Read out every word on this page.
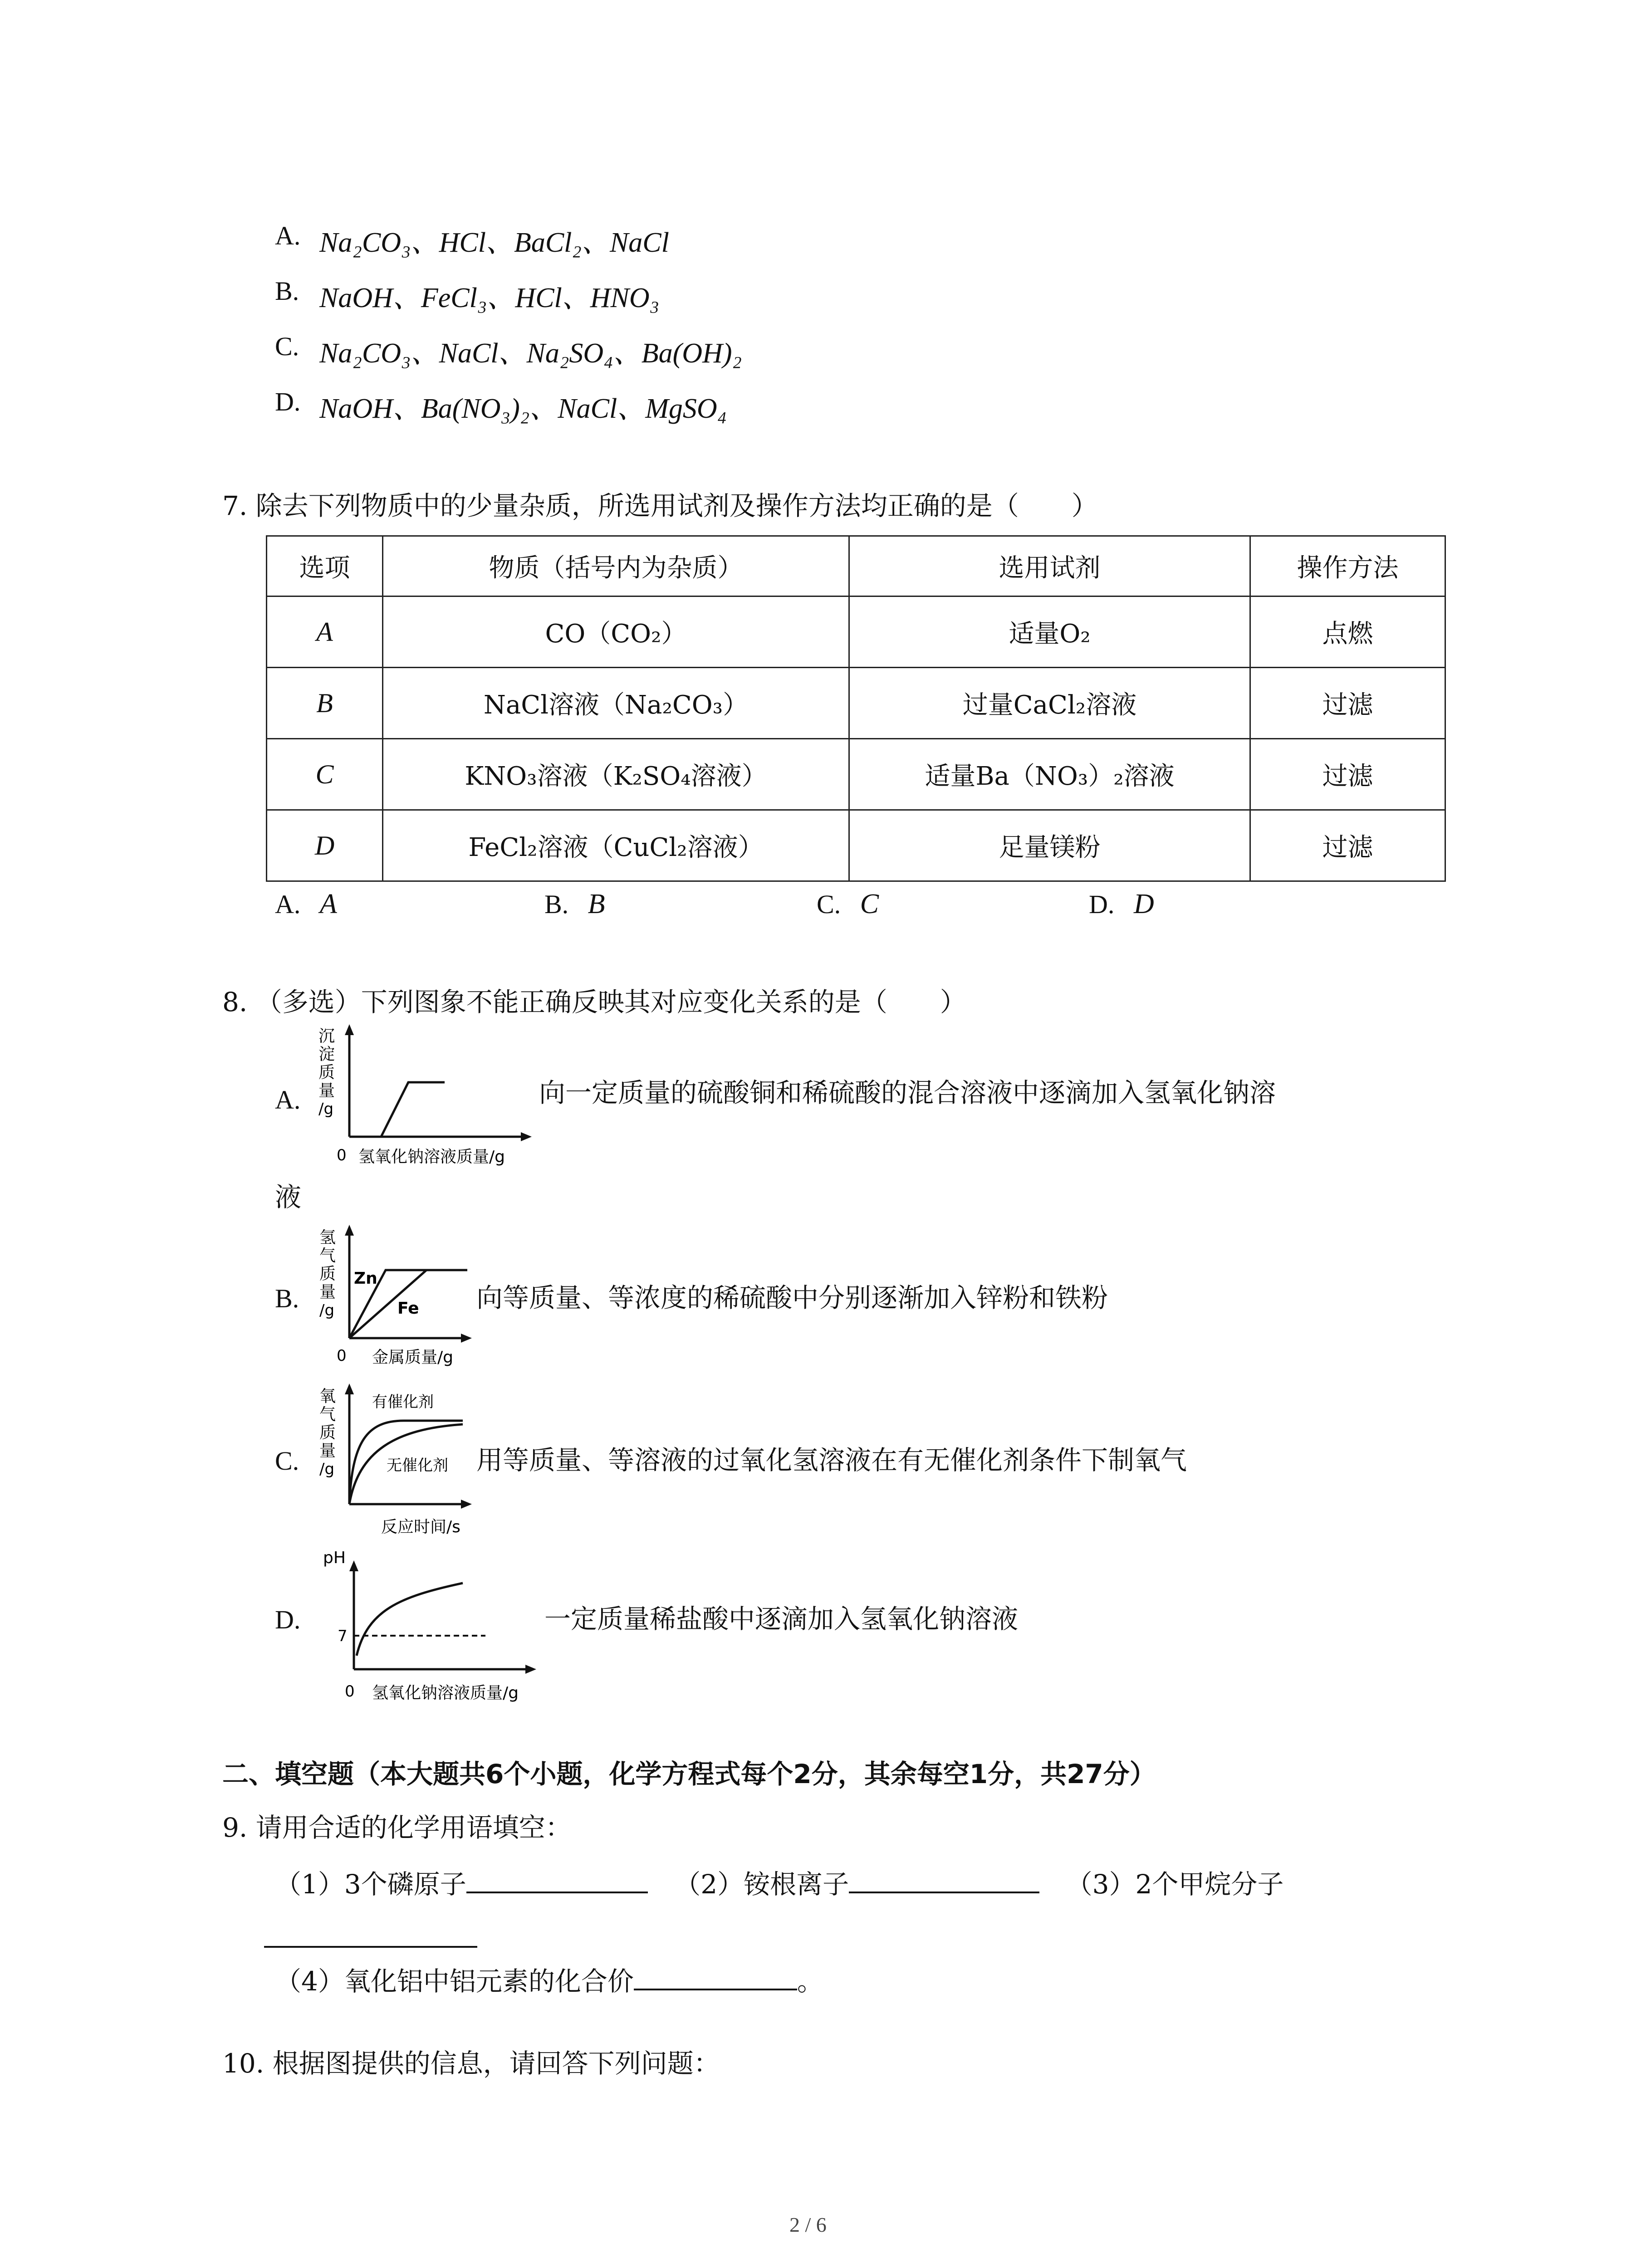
A. Na₂CO₃、HCl、BaCl₂、NaCl
B. NaOH、FeCl₃、HCl、HNO₃
C. Na₂CO₃、NaCl、Na₂SO₄、Ba(OH)₂
D. NaOH、Ba(NO₃)₂、NaCl、MgSO₄
7. 除去下列物质中的少量杂质，所选用试剂及操作方法均正确的是（　　）
选项	物质（括号内为杂质）	选用试剂	操作方法
A	CO（CO₂）	适量O₂	点燃
B	NaCl溶液（Na₂CO₃）	过量CaCl₂溶液	过滤
C	KNO₃溶液（K₂SO₄溶液）	适量Ba（NO₃）₂溶液	过滤
D	FeCl₂溶液（CuCl₂溶液）	足量镁粉	过滤
A. A	B. B	C. C	D. D
8. （多选）下列图象不能正确反映其对应变化关系的是（　　）
A.
沉
淀
质
量
/g
0 氢氧化钠溶液质量/g
向一定质量的硫酸铜和稀硫酸的混合溶液中逐滴加入氢氧化钠溶
液
B.
氢
气
质
量
/g
Zn
Fe
0 金属质量/g
向等质量、等浓度的稀硫酸中分别逐渐加入锌粉和铁粉
C.
氧
气
质
量
/g
有催化剂
无催化剂
反应时间/s
用等质量、等溶液的过氧化氢溶液在有无催化剂条件下制氧气
D.
pH
7
0 氢氧化钠溶液质量/g
一定质量稀盐酸中逐滴加入氢氧化钠溶液
二、填空题（本大题共6个小题，化学方程式每个2分，其余每空1分，共27分）
9. 请用合适的化学用语填空：
（1）3个磷原子	（2）铵根离子	（3）2个甲烷分子
（4）氧化铝中铝元素的化合价	。
10. 根据图提供的信息，请回答下列问题：
2 / 6
